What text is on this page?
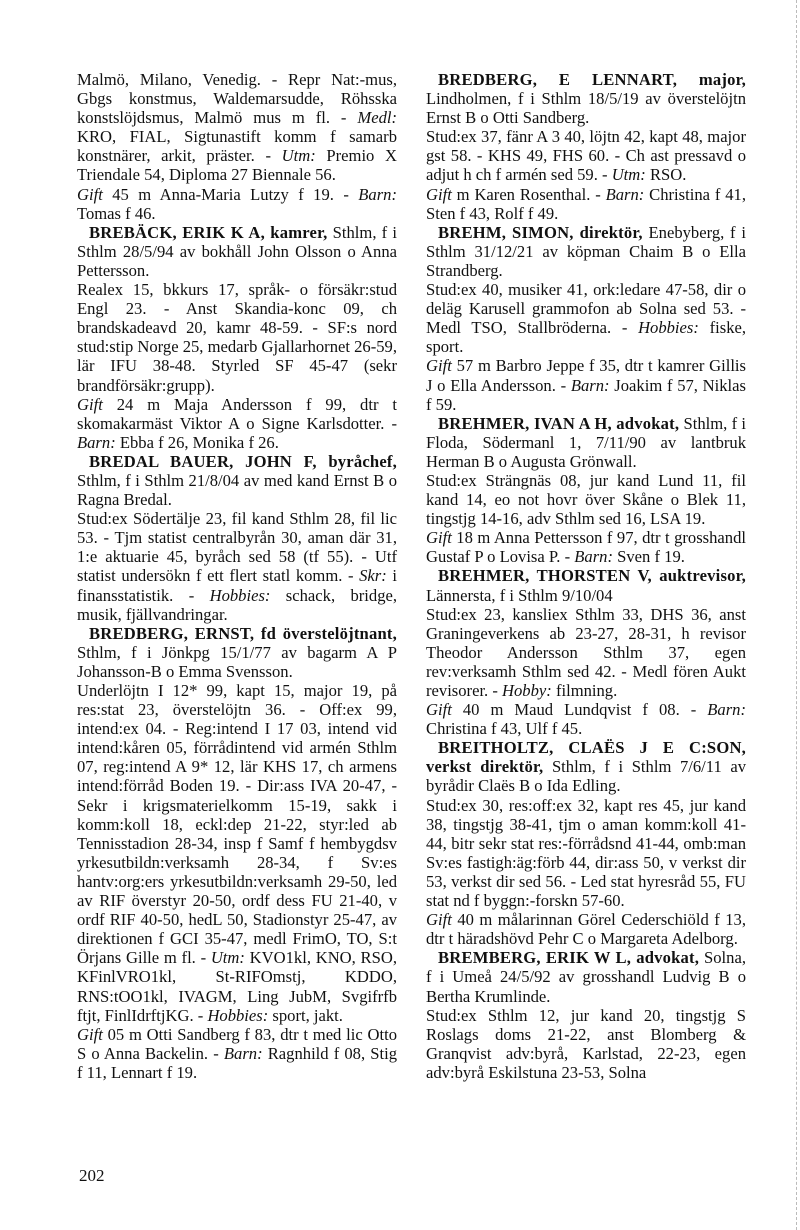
Malmö, Milano, Venedig. - Repr Nat:-mus, Gbgs konstmus, Waldemarsudde, Röhsska konstslöjdsmus, Malmö mus m fl. - Medl: KRO, FIAL, Sigtunastift komm f samarb konstnärer, arkit, präster. - Utm: Premio X Triendale 54, Diploma 27 Biennale 56.

Gift 45 m Anna-Maria Lutzy f 19. - Barn: Tomas f 46.

BREBÄCK, ERIK K A, kamrer, Sthlm, f i Sthlm 28/5/94 av bokhåll John Olsson o Anna Pettersson.

Realex 15, bkkurs 17, språk- o försäkr:stud Engl 23. - Anst Skandia-konc 09, ch brandskadeavd 20, kamr 48-59. - SF:s nord stud:stip Norge 25, medarb Gjallarhornet 26-59, lär IFU 38-48. Styrled SF 45-47 (sekr brandförsäkr:grupp).

Gift 24 m Maja Andersson f 99, dtr t skomakarmäst Viktor A o Signe Karlsdotter. - Barn: Ebba f 26, Monika f 26.

BREDAL BAUER, JOHN F, byråchef, Sthlm, f i Sthlm 21/8/04 av med kand Ernst B o Ragna Bredal.

Stud:ex Södertälje 23, fil kand Sthlm 28, fil lic 53. - Tjm statist centralbyrån 30, aman där 31, 1:e aktuarie 45, byråch sed 58 (tf 55). - Utf statist undersökn f ett flert statl komm. - Skr: i finansstatistik. - Hobbies: schack, bridge, musik, fjällvandringar.

BREDBERG, ERNST, fd överstelöjtnant, Sthlm, f i Jönkpg 15/1/77 av bagarm A P Johansson-B o Emma Svensson.

Underlöjtn I 12* 99, kapt 15, major 19, på res:stat 23, överstelöjtn 36. - Off:ex 99, intend:ex 04. - Reg:intend I 17 03, intend vid intend:kåren 05, förrådintend vid armén Sthlm 07, reg:intend A 9* 12, lär KHS 17, ch armens intend:förråd Boden 19. - Dir:ass IVA 20-47, - Sekr i krigsmaterielkomm 15-19, sakk i komm:koll 18, eckl:dep 21-22, styr:led ab Tennisstadion 28-34, insp f Samf f hembygdsv yrkesutbildn:verksamh 28-34, f Sv:es hantv:org:ers yrkesutbildn:verksamh 29-50, led av RIF överstyr 20-50, ordf dess FU 21-40, v ordf RIF 40-50, hedL 50, Stadionstyr 25-47, av direktionen f GCI 35-47, medl FrimO, TO, S:t Örjans Gille m fl. - Utm: KVO1kl, KNO, RSO, KFinlVRO1kl, St-RIFOmstj, KDDO, RNS:tOO1kl, IVAGM, Ling JubM, Svgifrfb ftjt, FinlIdrftjKG. - Hobbies: sport, jakt.

Gift 05 m Otti Sandberg f 83, dtr t med lic Otto S o Anna Backelin. - Barn: Ragnhild f 08, Stig f 11, Lennart f 19.

BREDBERG, E LENNART, major, Lindholmen, f i Sthlm 18/5/19 av överstelöjtn Ernst B o Otti Sandberg.

Stud:ex 37, fänr A 3 40, löjtn 42, kapt 48, major gst 58. - KHS 49, FHS 60. - Ch ast pressavd o adjut h ch f armén sed 59. - Utm: RSO.

Gift m Karen Rosenthal. - Barn: Christina f 41, Sten f 43, Rolf f 49.

BREHM, SIMON, direktör, Enebyberg, f i Sthlm 31/12/21 av köpman Chaim B o Ella Strandberg.

Stud:ex 40, musiker 41, ork:ledare 47-58, dir o deläg Karusell grammofon ab Solna sed 53. - Medl TSO, Stallbröderna. - Hobbies: fiske, sport.

Gift 57 m Barbro Jeppe f 35, dtr t kamrer Gillis J o Ella Andersson. - Barn: Joakim f 57, Niklas f 59.

BREHMER, IVAN A H, advokat, Sthlm, f i Floda, Södermanl 1, 7/11/90 av lantbruk Herman B o Augusta Grönwall.

Stud:ex Strängnäs 08, jur kand Lund 11, fil kand 14, eo not hovr över Skåne o Blek 11, tingstjg 14-16, adv Sthlm sed 16, LSA 19.

Gift 18 m Anna Pettersson f 97, dtr t grosshandl Gustaf P o Lovisa P. - Barn: Sven f 19.

BREHMER, THORSTEN V, auktrevisor, Lännersta, f i Sthlm 9/10/04

Stud:ex 23, kansliex Sthlm 33, DHS 36, anst Graningeverkens ab 23-27, 28-31, h revisor Theodor Andersson Sthlm 37, egen rev:verksamh Sthlm sed 42. - Medl fören Aukt revisorer. - Hobby: filmning.

Gift 40 m Maud Lundqvist f 08. - Barn: Christina f 43, Ulf f 45.

BREITHOLTZ, CLAËS J E C:SON, verkst direktör, Sthlm, f i Sthlm 7/6/11 av byrådir Claës B o Ida Edling.

Stud:ex 30, res:off:ex 32, kapt res 45, jur kand 38, tingstjg 38-41, tjm o aman komm:koll 41-44, bitr sekr stat res:-förrådsnd 41-44, omb:man Sv:es fastigh:äg:förb 44, dir:ass 50, v verkst dir 53, verkst dir sed 56. - Led stat hyresråd 55, FU stat nd f byggn:-forskn 57-60.

Gift 40 m målarinnan Görel Cederschiöld f 13, dtr t häradshövd Pehr C o Margareta Adelborg.

BREMBERG, ERIK W L, advokat, Solna, f i Umeå 24/5/92 av grosshandl Ludvig B o Bertha Krumlinde.

Stud:ex Sthlm 12, jur kand 20, tingstjg S Roslags doms 21-22, anst Blomberg & Granqvist adv:byrå, Karlstad, 22-23, egen adv:byrå Eskilstuna 23-53, Solna

202
